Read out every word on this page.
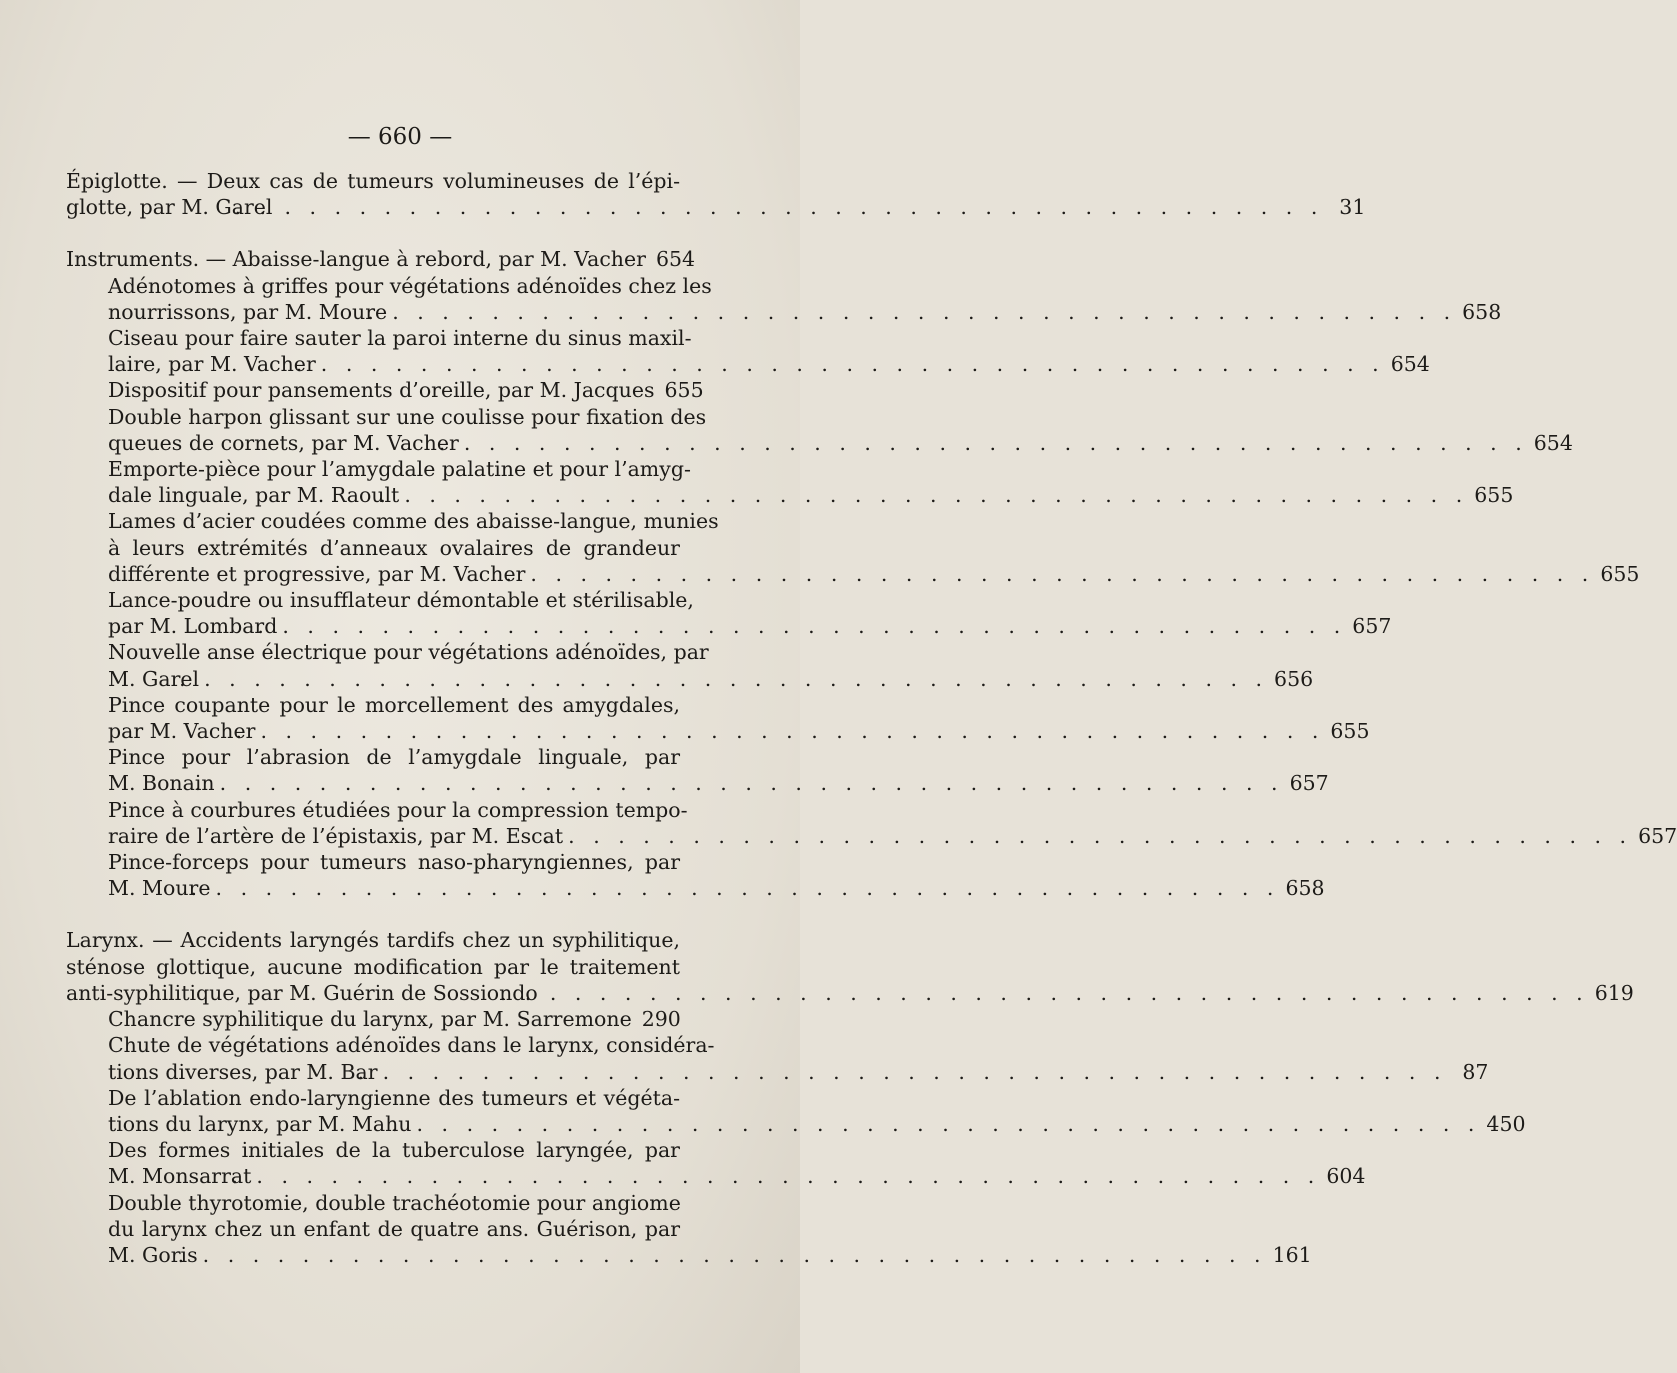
— 660 —
Épiglotte. — Deux cas de tumeurs volumineuses de l’épi-
glotte, par M. Garel
. . . . . . . . . . . . . . . . . . . . . . . . . . . . . . . . . . . . . . . . . . . . 31
Instruments. — Abaisse-langue à rebord, par M. Vacher 654
Adénotomes à griffes pour végétations adénoïdes chez les
nourrissons, par M. Moure
. . . . . . . . . . . . . . . . . . . . . . . . . . . . . . . . . . . . . . . . . . . . 658
Ciseau pour faire sauter la paroi interne du sinus maxil-
laire, par M. Vacher
. . . . . . . . . . . . . . . . . . . . . . . . . . . . . . . . . . . . . . . . . . . . 654
Dispositif pour pansements d’oreille, par M. Jacques 655
Double harpon glissant sur une coulisse pour fixation des
queues de cornets, par M. Vacher
. . . . . . . . . . . . . . . . . . . . . . . . . . . . . . . . . . . . . . . . . . . . 654
Emporte-pièce pour l’amygdale palatine et pour l’amyg-
dale linguale, par M. Raoult
. . . . . . . . . . . . . . . . . . . . . . . . . . . . . . . . . . . . . . . . . . . . 655
Lames d’acier coudées comme des abaisse-langue, munies
à leurs extrémités d’anneaux ovalaires de grandeur
différente et progressive, par M. Vacher
. . . . . . . . . . . . . . . . . . . . . . . . . . . . . . . . . . . . . . . . . . . . 655
Lance-poudre ou insufflateur démontable et stérilisable,
par M. Lombard
. . . . . . . . . . . . . . . . . . . . . . . . . . . . . . . . . . . . . . . . . . . . 657
Nouvelle anse électrique pour végétations adénoïdes, par
M. Garel
. . . . . . . . . . . . . . . . . . . . . . . . . . . . . . . . . . . . . . . . . . . . 656
Pince coupante pour le morcellement des amygdales,
par M. Vacher
. . . . . . . . . . . . . . . . . . . . . . . . . . . . . . . . . . . . . . . . . . . . 655
Pince pour l’abrasion de l’amygdale linguale, par
M. Bonain
. . . . . . . . . . . . . . . . . . . . . . . . . . . . . . . . . . . . . . . . . . . . 657
Pince à courbures étudiées pour la compression tempo-
raire de l’artère de l’épistaxis, par M. Escat
. . . . . . . . . . . . . . . . . . . . . . . . . . . . . . . . . . . . . . . . . . . . 657
Pince-forceps pour tumeurs naso-pharyngiennes, par
M. Moure
. . . . . . . . . . . . . . . . . . . . . . . . . . . . . . . . . . . . . . . . . . . . 658
Larynx. — Accidents laryngés tardifs chez un syphilitique,
sténose glottique, aucune modification par le traitement
anti-syphilitique, par M. Guérin de Sossiondo
. . . . . . . . . . . . . . . . . . . . . . . . . . . . . . . . . . . . . . . . . . . . 619
Chancre syphilitique du larynx, par M. Sarremone 290
Chute de végétations adénoïdes dans le larynx, considéra-
tions diverses, par M. Bar
. . . . . . . . . . . . . . . . . . . . . . . . . . . . . . . . . . . . . . . . . . . . 87
De l’ablation endo-laryngienne des tumeurs et végéta-
tions du larynx, par M. Mahu
. . . . . . . . . . . . . . . . . . . . . . . . . . . . . . . . . . . . . . . . . . . . 450
Des formes initiales de la tuberculose laryngée, par
M. Monsarrat
. . . . . . . . . . . . . . . . . . . . . . . . . . . . . . . . . . . . . . . . . . . . 604
Double thyrotomie, double trachéotomie pour angiome
du larynx chez un enfant de quatre ans. Guérison, par
M. Goris
. . . . . . . . . . . . . . . . . . . . . . . . . . . . . . . . . . . . . . . . . . . . 161
